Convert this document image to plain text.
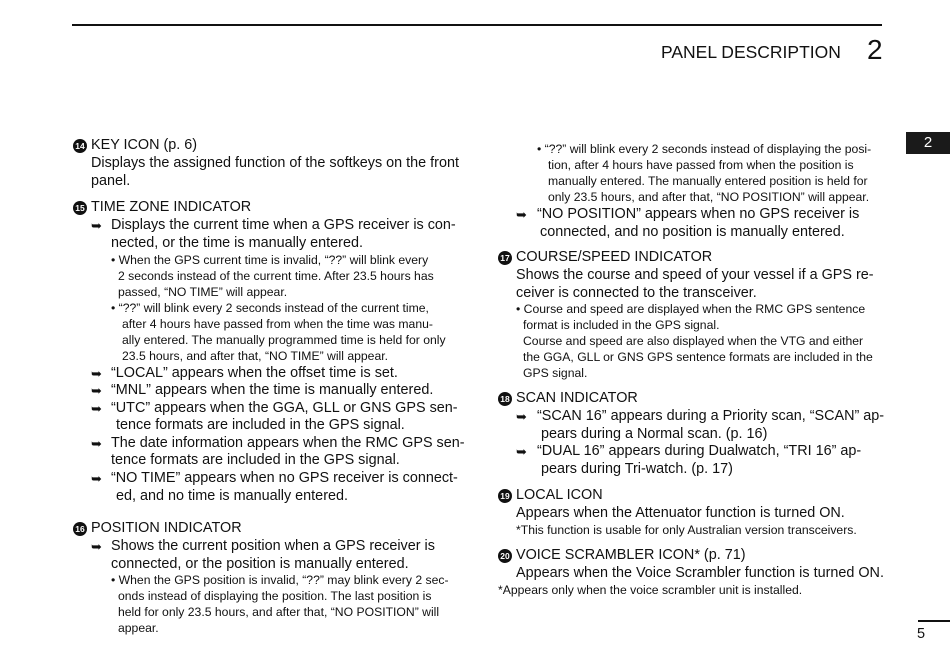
PANEL DESCRIPTION 2
2
14 KEY ICON (p. 6)
Displays the assigned function of the softkeys on the front
panel.
15 TIME ZONE INDICATOR
➥ Displays the current time when a GPS receiver is con-
nected, or the time is manually entered.
• When the GPS current time is invalid, “??” will blink every
2 seconds instead of the current time. After 23.5 hours has
passed, “NO TIME” will appear.
• “??” will blink every 2 seconds instead of the current time,
after 4 hours have passed from when the time was manu-
ally entered. The manually programmed time is held for only
23.5 hours, and after that, “NO TIME” will appear.
➥ “LOCAL” appears when the offset time is set.
➥ “MNL” appears when the time is manually entered.
➥ “UTC” appears when the GGA, GLL or GNS GPS sen-
tence formats are included in the GPS signal.
➥ The date information appears when the RMC GPS sen-
tence formats are included in the GPS signal.
➥ “NO TIME” appears when no GPS receiver is connect-
ed, and no time is manually entered.
16 POSITION INDICATOR
➥ Shows the current position when a GPS receiver is
connected, or the position is manually entered.
• When the GPS position is invalid, “??” may blink every 2 sec-
onds instead of displaying the position. The last position is
held for only 23.5 hours, and after that, “NO POSITION” will
appear.
• “??” will blink every 2 seconds instead of displaying the posi-
tion, after 4 hours have passed from when the position is
manually entered. The manually entered position is held for
only 23.5 hours, and after that, “NO POSITION” will appear.
➥ “NO POSITION” appears when no GPS receiver is
connected, and no position is manually entered.
17 COURSE/SPEED INDICATOR
Shows the course and speed of your vessel if a GPS re-
ceiver is connected to the transceiver.
• Course and speed are displayed when the RMC GPS sentence
format is included in the GPS signal.
Course and speed are also displayed when the VTG and either
the GGA, GLL or GNS GPS sentence formats are included in the
GPS signal.
18 SCAN INDICATOR
➥ “SCAN 16” appears during a Priority scan, “SCAN” ap-
pears during a Normal scan. (p. 16)
➥ “DUAL 16” appears during Dualwatch, “TRI 16” ap-
pears during Tri-watch. (p. 17)
19 LOCAL ICON
Appears when the Attenuator function is turned ON.
*This function is usable for only Australian version transceivers.
20 VOICE SCRAMBLER ICON* (p. 71)
Appears when the Voice Scrambler function is turned ON.
*Appears only when the voice scrambler unit is installed.
5
